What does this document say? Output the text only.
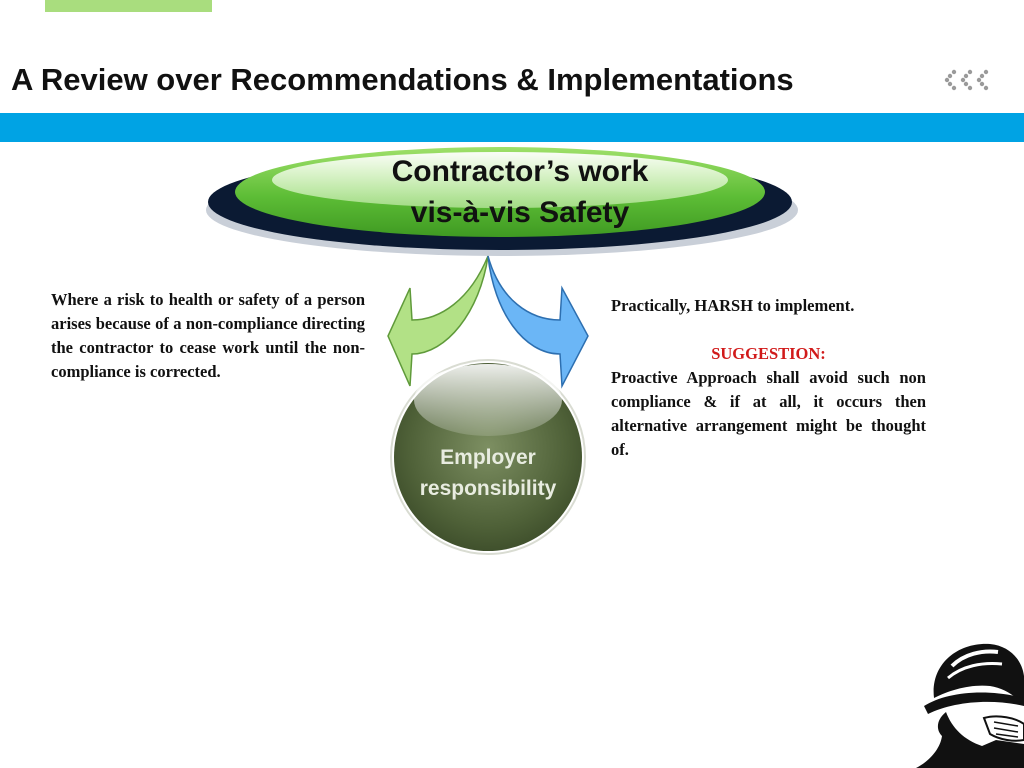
A Review over Recommendations & Implementations
Contractor’s work
vis-à-vis Safety
Employer
responsibility
Where a risk to health or safety of a person arises because of a non-compliance directing the contractor to cease work until the non-compliance is corrected.

Practically, HARSH to implement.

SUGGESTION:

Proactive Approach shall avoid such non compliance & if at all, it occurs then alternative arrangement might be thought of.
